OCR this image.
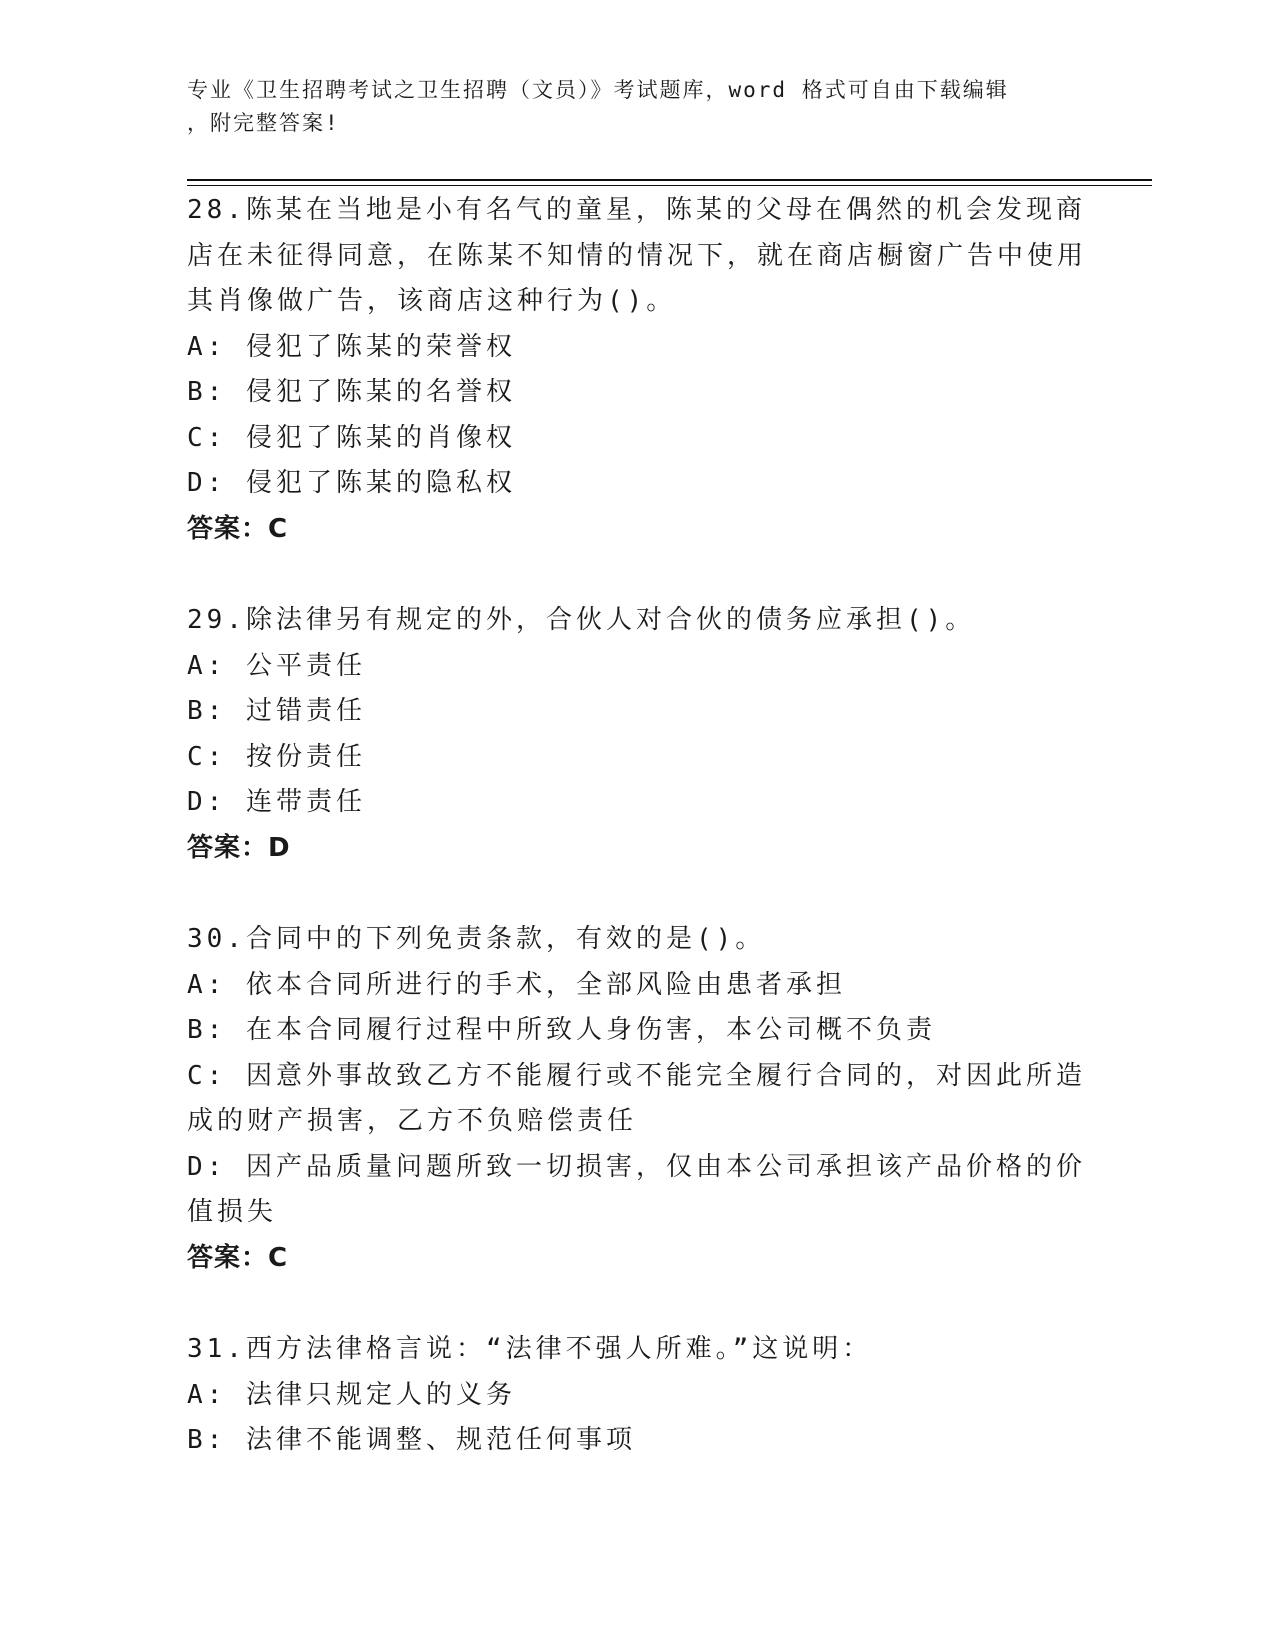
专业《卫生招聘考试之卫生招聘（文员）》考试题库，word 格式可自由下载编辑
，附完整答案!

28.陈某在当地是小有名气的童星，陈某的父母在偶然的机会发现商店在未征得同意，在陈某不知情的情况下，就在商店橱窗广告中使用其肖像做广告，该商店这种行为()。

A: 侵犯了陈某的荣誉权

B: 侵犯了陈某的名誉权

C: 侵犯了陈某的肖像权

D: 侵犯了陈某的隐私权

答案：C

29.除法律另有规定的外，合伙人对合伙的债务应承担()。

A: 公平责任

B: 过错责任

C: 按份责任

D: 连带责任

答案：D

30.合同中的下列免责条款，有效的是()。

A: 依本合同所进行的手术，全部风险由患者承担

B: 在本合同履行过程中所致人身伤害，本公司概不负责

C: 因意外事故致乙方不能履行或不能完全履行合同的，对因此所造成的财产损害，乙方不负赔偿责任

D: 因产品质量问题所致一切损害，仅由本公司承担该产品价格的价值损失

答案：C

31.西方法律格言说：“法律不强人所难。”这说明：

A: 法律只规定人的义务

B: 法律不能调整、规范任何事项
